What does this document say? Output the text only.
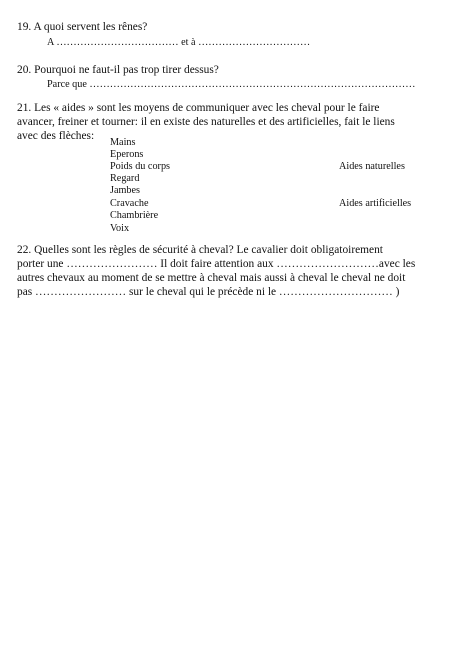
19. A quoi servent les rênes?
A ……………………………… et à ……………………………
20. Pourquoi ne faut-il pas trop tirer dessus?
Parce que ……………………………………………………………………………………
21. Les « aides » sont les moyens de communiquer avec les cheval pour le faire
avancer, freiner et tourner: il en existe des naturelles et des artificielles, fait le liens
avec des flèches:
Mains
Eperons
Poids du corps
Regard
Jambes
Cravache
Chambrière
Voix
Aides naturelles
Aides artificielles
22. Quelles sont les règles de sécurité à cheval? Le cavalier doit obligatoirement
porter une …………………… Il doit faire attention aux ………………………avec les
autres chevaux au moment de se mettre à cheval mais aussi à cheval le cheval ne doit
pas …………………… sur le cheval qui le précède ni le ………………………… )
